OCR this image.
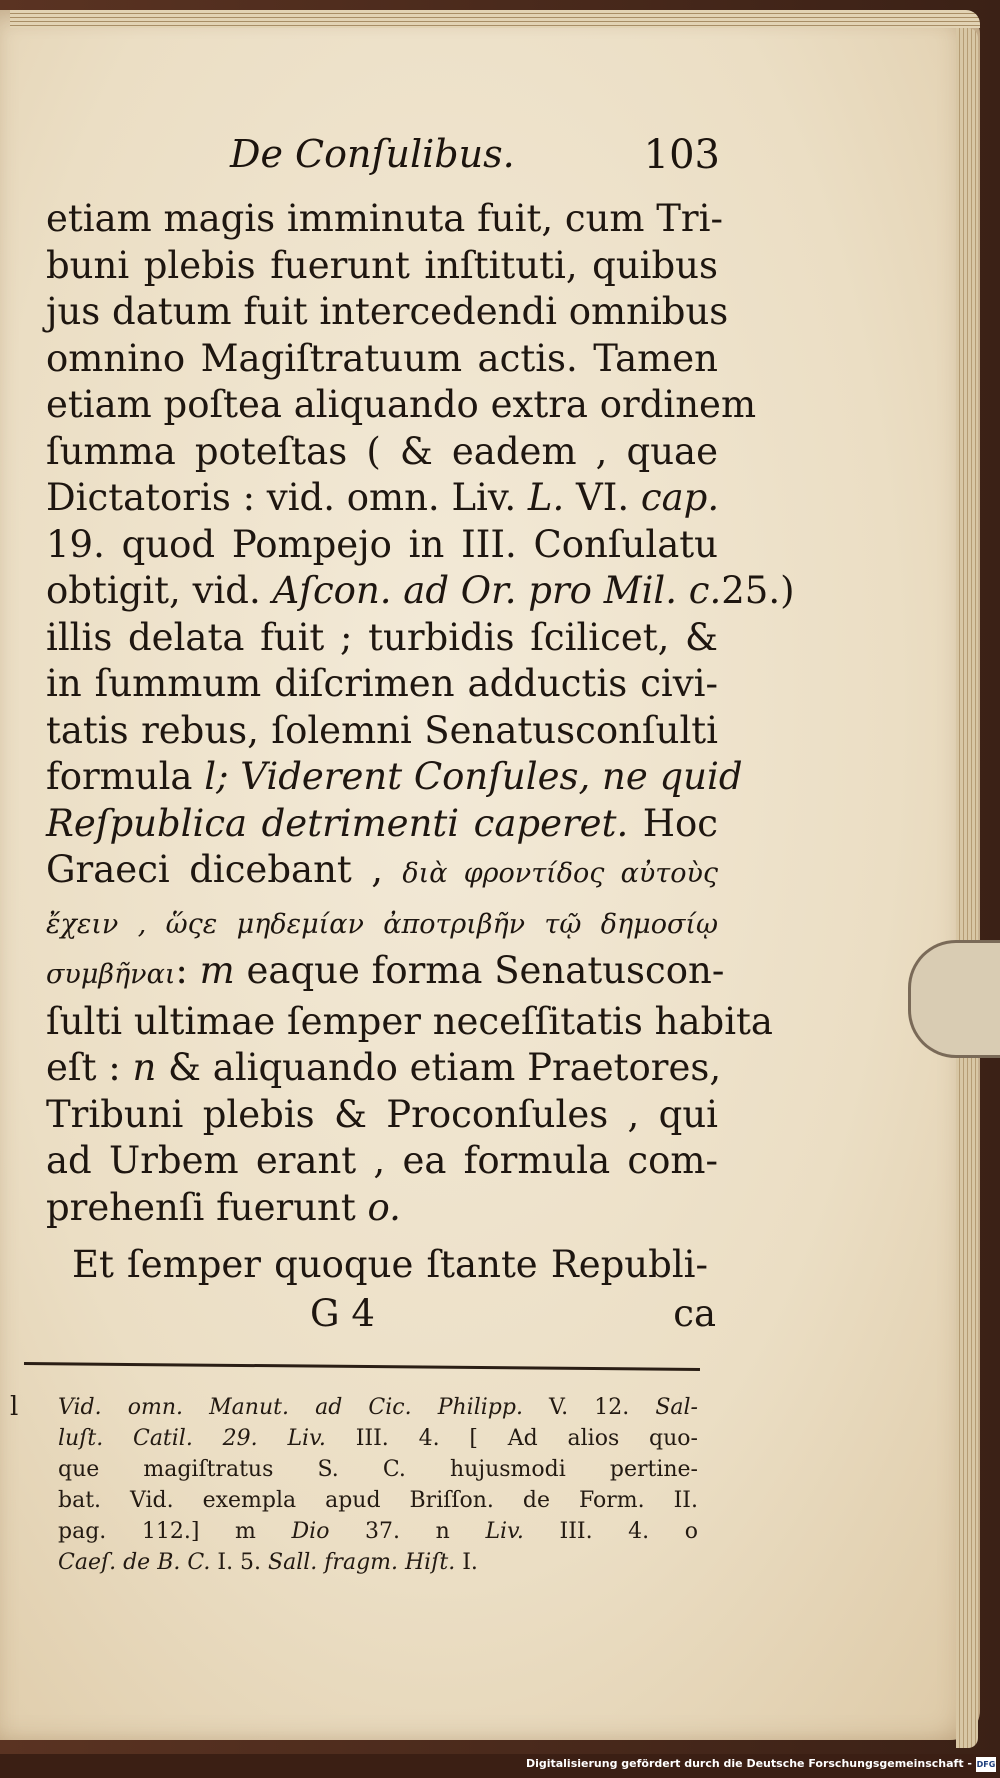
De Conſulibus.	103
etiam magis imminuta fuit, cum Tri-
buni plebis fuerunt inſtituti, quibus
jus datum fuit intercedendi omnibus
omnino Magiſtratuum actis. Tamen
etiam poſtea aliquando extra ordinem
ſumma poteſtas ( & eadem , quae
Dictatoris : vid. omn. Liv. L. VI. cap.
19. quod Pompejo in III. Conſulatu
obtigit, vid. Aſcon. ad Or. pro Mil. c.25.)
illis delata fuit ; turbidis ſcilicet, &
in ſummum diſcrimen adductis civi-
tatis rebus, ſolemni Senatusconſulti
formula l; Viderent Conſules, ne quid
Reſpublica detrimenti caperet. Hoc
Graeci dicebant , διὰ φροντίδος αὐτοὺς
ἔχειν , ὥςε μηδεμίαν ἀποτριβῆν τῷ δημοσίῳ
συμβῆναι: m eaque forma Senatuscon-
ſulti ultimae ſemper neceſſitatis habita
eſt : n & aliquando etiam Praetores,
Tribuni plebis & Proconſules , qui
ad Urbem erant , ea formula com-
prehenſi fuerunt o.
Et ſemper quoque ſtante Republi-
G 4	ca
l Vid. omn. Manut. ad Cic. Philipp. V. 12. Sal-
luſt. Catil. 29. Liv. III. 4. [ Ad alios quo-
que magiſtratus S. C. hujusmodi pertine-
bat. Vid. exempla apud Briſſon. de Form. II.
pag. 112.] m Dio 37. n Liv. III. 4. o
Caeſ. de B. C. I. 5. Sall. fragm. Hiſt. I.
Digitalisierung gefördert durch die Deutsche Forschungsgemeinschaft - DFG
